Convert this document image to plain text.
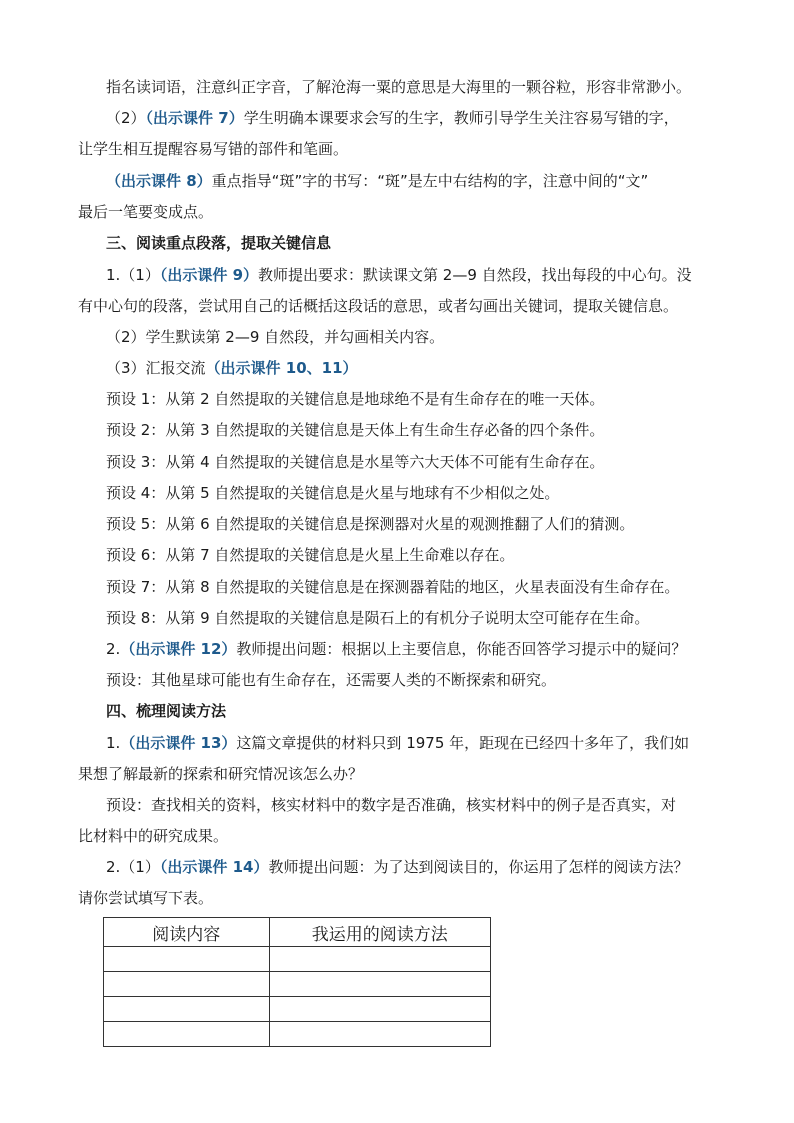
指名读词语，注意纠正字音，了解沧海一粟的意思是大海里的一颗谷粒，形容非常渺小。
（2）（出示课件 7）学生明确本课要求会写的生字，教师引导学生关注容易写错的字，
让学生相互提醒容易写错的部件和笔画。
（出示课件 8）重点指导“斑”字的书写：“斑”是左中右结构的字，注意中间的“文”
最后一笔要变成点。
三、阅读重点段落，提取关键信息
1.（1）（出示课件 9）教师提出要求：默读课文第 2—9 自然段，找出每段的中心句。没
有中心句的段落，尝试用自己的话概括这段话的意思，或者勾画出关键词，提取关键信息。
（2）学生默读第 2—9 自然段，并勾画相关内容。
（3）汇报交流（出示课件 10、11）
预设 1：从第 2 自然提取的关键信息是地球绝不是有生命存在的唯一天体。
预设 2：从第 3 自然提取的关键信息是天体上有生命生存必备的四个条件。
预设 3：从第 4 自然提取的关键信息是水星等六大天体不可能有生命存在。
预设 4：从第 5 自然提取的关键信息是火星与地球有不少相似之处。
预设 5：从第 6 自然提取的关键信息是探测器对火星的观测推翻了人们的猜测。
预设 6：从第 7 自然提取的关键信息是火星上生命难以存在。
预设 7：从第 8 自然提取的关键信息是在探测器着陆的地区，火星表面没有生命存在。
预设 8：从第 9 自然提取的关键信息是陨石上的有机分子说明太空可能存在生命。
2.（出示课件 12）教师提出问题：根据以上主要信息，你能否回答学习提示中的疑问？
预设：其他星球可能也有生命存在，还需要人类的不断探索和研究。
四、梳理阅读方法
1.（出示课件 13）这篇文章提供的材料只到 1975 年，距现在已经四十多年了，我们如
果想了解最新的探索和研究情况该怎么办？
预设：查找相关的资料，核实材料中的数字是否准确，核实材料中的例子是否真实，对
比材料中的研究成果。
2.（1）（出示课件 14）教师提出问题：为了达到阅读目的，你运用了怎样的阅读方法？
请你尝试填写下表。
阅读内容	我运用的阅读方法
